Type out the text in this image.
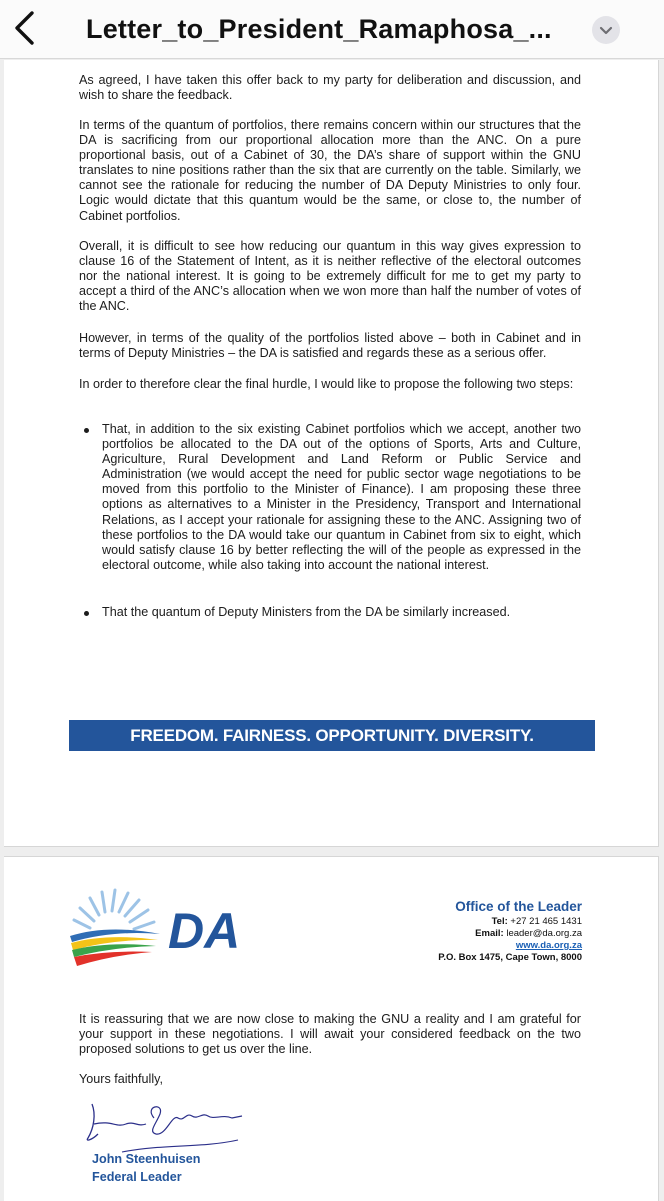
Letter_to_President_Ramaphosa_...

As agreed, I have taken this offer back to my party for deliberation and discussion, and wish to share the feedback.

In terms of the quantum of portfolios, there remains concern within our structures that the DA is sacrificing from our proportional allocation more than the ANC. On a pure proportional basis, out of a Cabinet of 30, the DA’s share of support within the GNU translates to nine positions rather than the six that are currently on the table. Similarly, we cannot see the rationale for reducing the number of DA Deputy Ministries to only four. Logic would dictate that this quantum would be the same, or close to, the number of Cabinet portfolios.

Overall, it is difficult to see how reducing our quantum in this way gives expression to clause 16 of the Statement of Intent, as it is neither reflective of the electoral outcomes nor the national interest. It is going to be extremely difficult for me to get my party to accept a third of the ANC’s allocation when we won more than half the number of votes of the ANC.

However, in terms of the quality of the portfolios listed above – both in Cabinet and in terms of Deputy Ministries – the DA is satisfied and regards these as a serious offer.

In order to therefore clear the final hurdle, I would like to propose the following two steps:

That, in addition to the six existing Cabinet portfolios which we accept, another two portfolios be allocated to the DA out of the options of Sports, Arts and Culture, Agriculture, Rural Development and Land Reform or Public Service and Administration (we would accept the need for public sector wage negotiations to be moved from this portfolio to the Minister of Finance). I am proposing these three options as alternatives to a Minister in the Presidency, Transport and International Relations, as I accept your rationale for assigning these to the ANC. Assigning two of these portfolios to the DA would take our quantum in Cabinet from six to eight, which would satisfy clause 16 by better reflecting the will of the people as expressed in the electoral outcome, while also taking into account the national interest.

That the quantum of Deputy Ministers from the DA be similarly increased.

FREEDOM. FAIRNESS. OPPORTUNITY. DIVERSITY.
DA	Office of the Leader
Tel: +27 21 465 1431
Email: leader@da.org.za
www.da.org.za
P.O. Box 1475, Cape Town, 8000

It is reassuring that we are now close to making the GNU a reality and I am grateful for your support in these negotiations. I will await your considered feedback on the two proposed solutions to get us over the line.

Yours faithfully,

John Steenhuisen
Federal Leader
